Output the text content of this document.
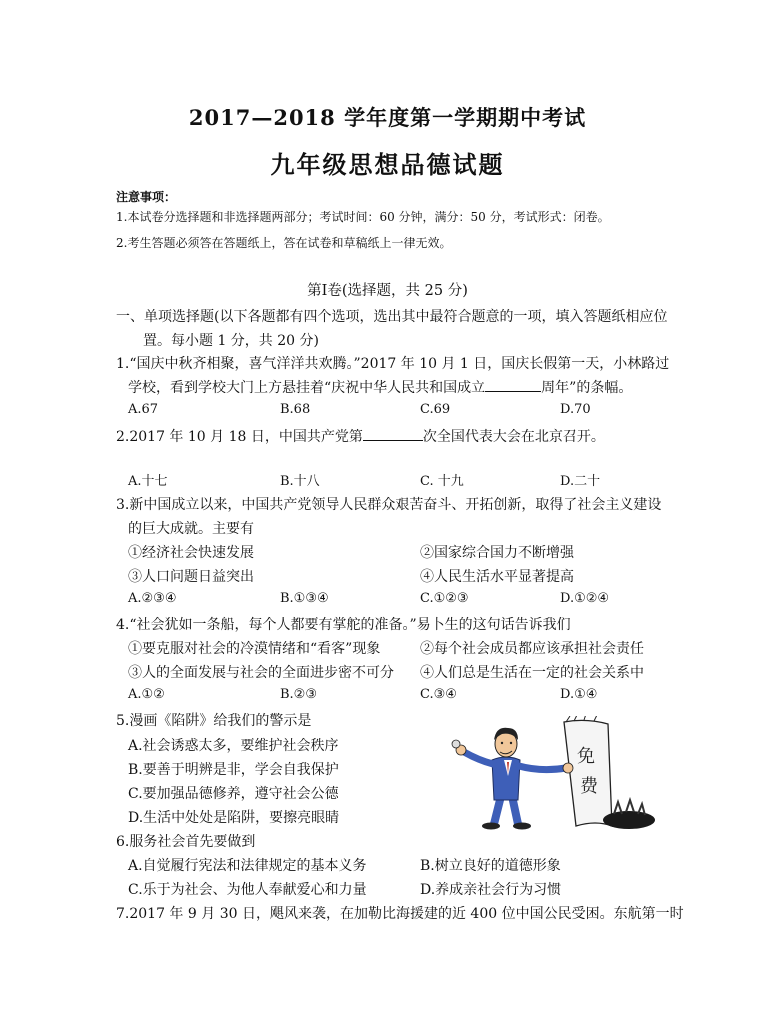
2017—2018 学年度第一学期期中考试
九年级思想品德试题
注意事项：
1.本试卷分选择题和非选择题两部分；考试时间：60 分钟，满分：50 分，考试形式：闭卷。
2.考生答题必须答在答题纸上，答在试卷和草稿纸上一律无效。
第Ⅰ卷(选择题，共 25 分)
一、单项选择题(以下各题都有四个选项，选出其中最符合题意的一项，填入答题纸相应位
置。每小题 1 分，共 20 分)
1.“国庆中秋齐相聚，喜气洋洋共欢腾。”2017 年 10 月 1 日，国庆长假第一天，小林路过
学校，看到学校大门上方悬挂着“庆祝中华人民共和国成立	周年”的条幅。
A.67	B.68	C.69	D.70
2.2017 年 10 月 18 日，中国共产党第	次全国代表大会在北京召开。
A.十七	B.十八	C. 十九	D.二十
3.新中国成立以来，中国共产党领导人民群众艰苦奋斗、开拓创新，取得了社会主义建设
的巨大成就。主要有
①经济社会快速发展	②国家综合国力不断增强
③人口问题日益突出	④人民生活水平显著提高
A.②③④	B.①③④	C.①②③	D.①②④
4.“社会犹如一条船，每个人都要有掌舵的准备。”易卜生的这句话告诉我们
①要克服对社会的冷漠情绪和“看客”现象	②每个社会成员都应该承担社会责任
③人的全面发展与社会的全面进步密不可分 ④人们总是生活在一定的社会关系中
A.①②	B.②③	C.③④	D.①④
5.漫画《陷阱》给我们的警示是
A.社会诱惑太多，要维护社会秩序
B.要善于明辨是非，学会自我保护
C.要加强品德修养，遵守社会公德
D.生活中处处是陷阱，要擦亮眼睛
免
费
6.服务社会首先要做到
A.自觉履行宪法和法律规定的基本义务	B.树立良好的道德形象
C.乐于为社会、为他人奉献爱心和力量	D.养成亲社会行为习惯
7.2017 年 9 月 30 日，飓风来袭，在加勒比海援建的近 400 位中国公民受困。东航第一时
